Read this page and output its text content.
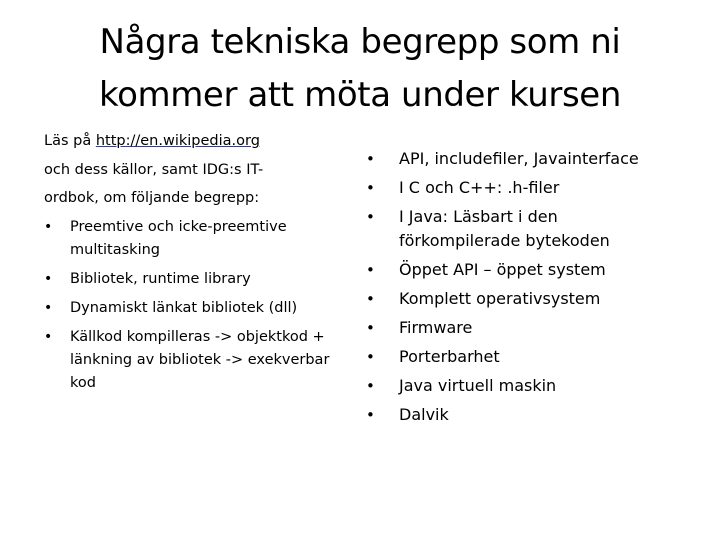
Några tekniska begrepp som ni
kommer att möta under kursen

Läs på http://en.wikipedia.org
och dess källor, samt IDG:s IT-
ordbok, om följande begrepp:

• Preemtive och icke-preemtive multitasking
• Bibliotek, runtime library
• Dynamiskt länkat bibliotek (dll)
• Källkod kompilleras -> objektkod + länkning av bibliotek -> exekverbar kod
• API, includefiler, Javainterface
• I C och C++: .h-filer
• I Java: Läsbart i den förkompilerade bytekoden
• Öppet API – öppet system
• Komplett operativsystem
• Firmware
• Porterbarhet
• Java virtuell maskin
• Dalvik
